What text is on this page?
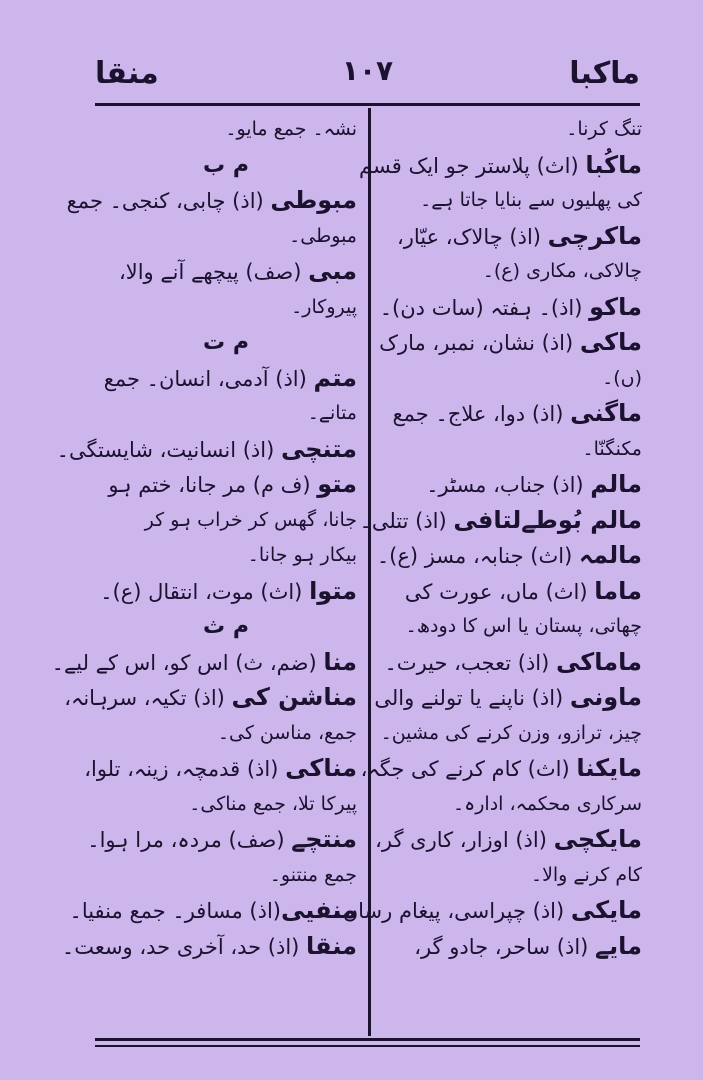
ماکبا
۱۰۷
منقا
تنگ کرنا۔
ماکُبا (اث) پلاستر جو ایک قسم
کی پھلیوں سے بنایا جاتا ہے۔
ماکرچی (اذ) چالاک، عیّار،
چالاکی، مکاری (ع)۔
ماکو (اذ)۔ ہفتہ (سات دن)۔
ماکی (اذ) نشان، نمبر، مارک
(ں)۔
ماگنی (اذ) دوا، علاج۔ جمع
مکنگنّا۔
مالم (اذ) جناب، مسٹر۔
مالم بُوطےلتافی (اذ) تتلی۔
مالمہ (اث) جنابہ، مسز (ع)۔
ماما (اث) ماں، عورت کی
چھاتی، پستان یا اس کا دودھ۔
ماماکی (اذ) تعجب، حیرت۔
ماونی (اذ) ناپنے یا تولنے والی
چیز، ترازو، وزن کرنے کی مشین۔
مایکنا (اث) کام کرنے کی جگہ،
سرکاری محکمہ، ادارہ۔
مایکچی (اذ) اوزار، کاری گر،
کام کرنے والا۔
مایکی (اذ) چپراسی، پیغام رساں۔
مایے (اذ) ساحر، جادو گر،
نشہ۔ جمع مایو۔
م ب
مبوطی (اذ) چابی، کنجی۔ جمع
مبوطی۔
مبی (صف) پیچھے آنے والا،
پیروکار۔
م ت
متم (اذ) آدمی، انسان۔ جمع
متانے۔
متنچی (اذ) انسانیت، شایستگی۔
متو (ف م) مر جانا، ختم ہو
جانا، گھس کر خراب ہو کر
بیکار ہو جانا۔
متوا (اث) موت، انتقال (ع)۔
م ث
منا (ضم، ث) اس کو، اس کے لیے۔
مناشن کی (اذ) تکیہ، سرہانہ،
جمع، مناسن کی۔
مناکی (اذ) قدمچہ، زینہ، تلوا،
پیرکا تلا، جمع مناکی۔
منتچے (صف) مردہ، مرا ہوا۔
جمع منتنو۔
منفیی(اذ) مسافر۔ جمع منفیا۔
منقا (اذ) حد، آخری حد، وسعت۔
